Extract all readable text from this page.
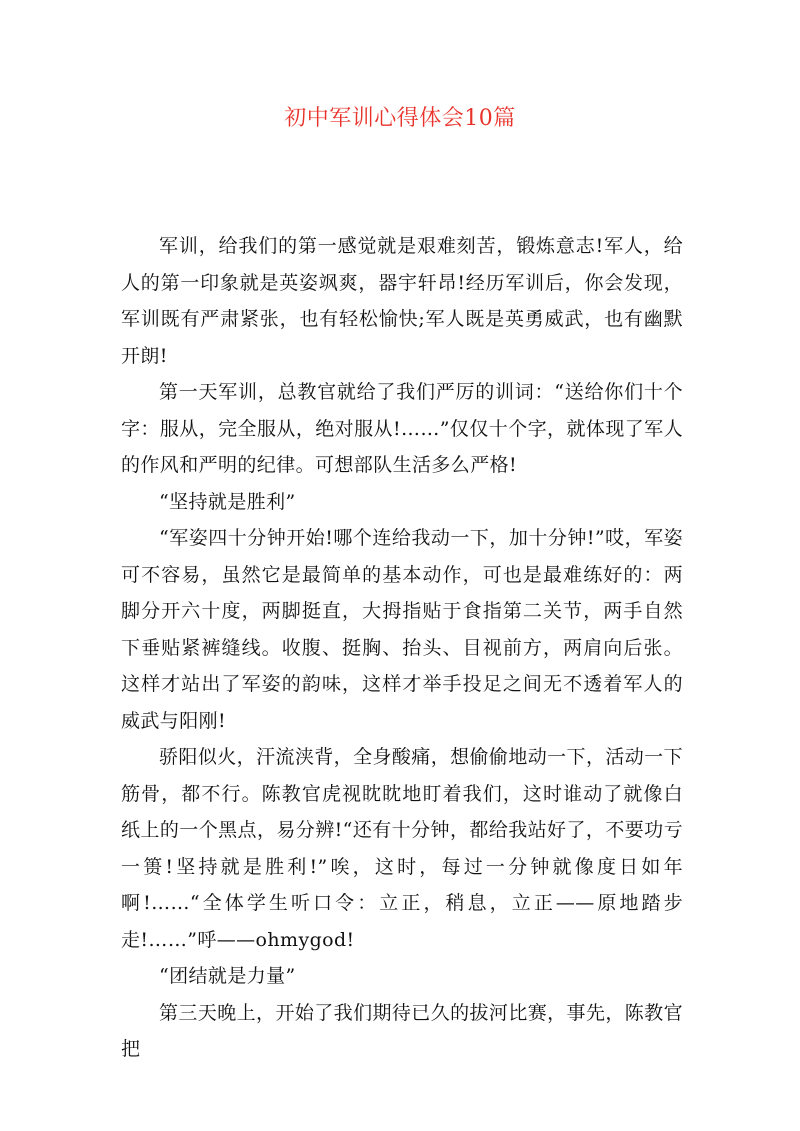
初中军训心得体会10篇

军训，给我们的第一感觉就是艰难刻苦，锻炼意志!军人，给人的第一印象就是英姿飒爽，器宇轩昂!经历军训后，你会发现，军训既有严肃紧张，也有轻松愉快;军人既是英勇威武，也有幽默开朗!

第一天军训，总教官就给了我们严厉的训词：“送给你们十个字：服从，完全服从，绝对服从!……”仅仅十个字，就体现了军人的作风和严明的纪律。可想部队生活多么严格!

“坚持就是胜利”

“军姿四十分钟开始!哪个连给我动一下，加十分钟!”哎，军姿可不容易，虽然它是最简单的基本动作，可也是最难练好的：两脚分开六十度，两脚挺直，大拇指贴于食指第二关节，两手自然下垂贴紧裤缝线。收腹、挺胸、抬头、目视前方，两肩向后张。这样才站出了军姿的韵味，这样才举手投足之间无不透着军人的威武与阳刚!

骄阳似火，汗流浃背，全身酸痛，想偷偷地动一下，活动一下筋骨，都不行。陈教官虎视眈眈地盯着我们，这时谁动了就像白纸上的一个黑点，易分辨!“还有十分钟，都给我站好了，不要功亏一篑!坚持就是胜利!”唉，这时，每过一分钟就像度日如年啊!……“全体学生听口令：立正，稍息，立正——原地踏步走!……”呼——ohmygod!

“团结就是力量”

第三天晚上，开始了我们期待已久的拔河比赛，事先，陈教官把
